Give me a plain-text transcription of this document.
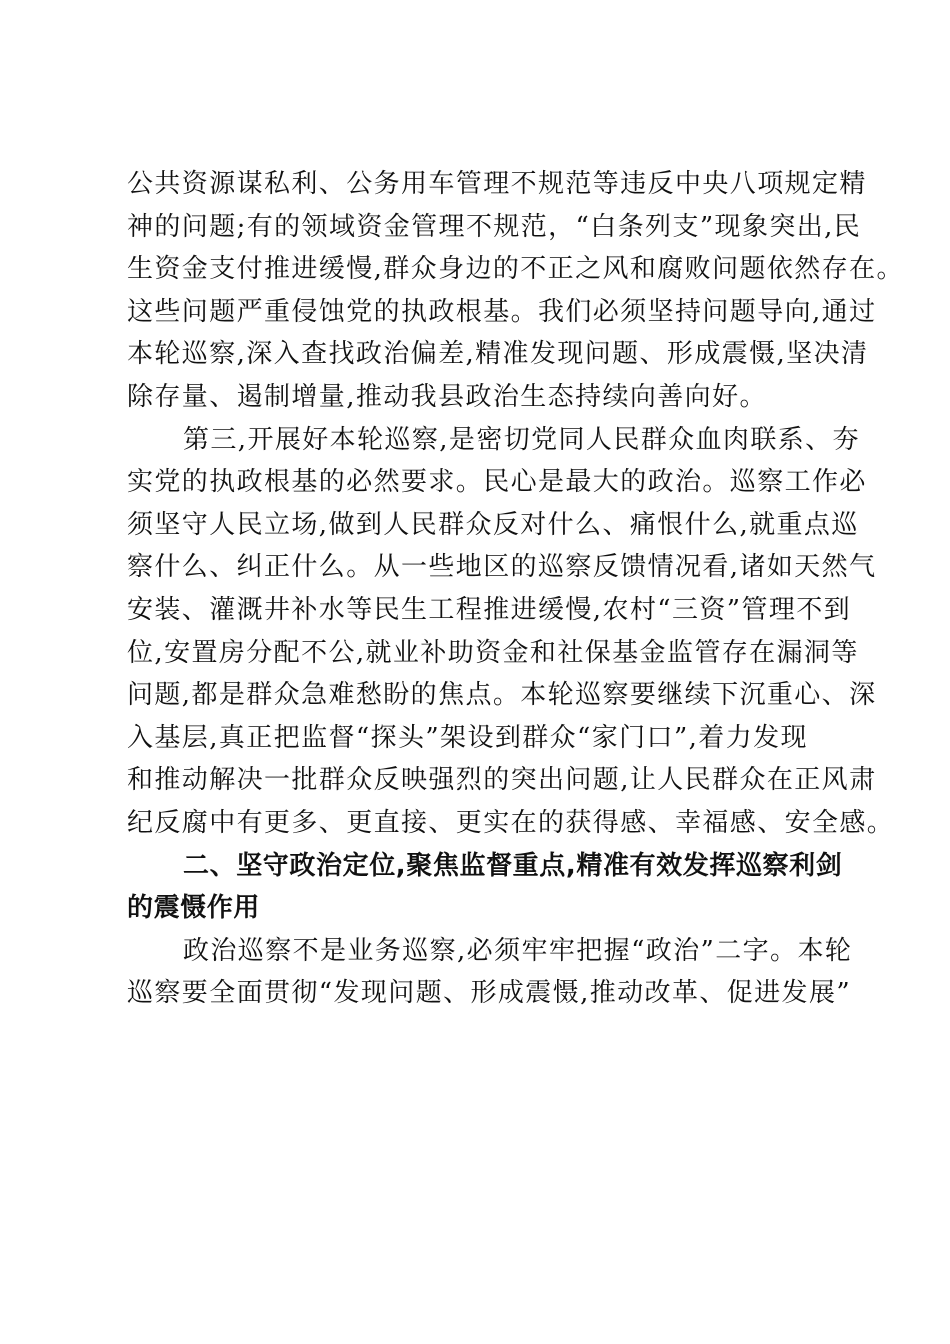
公共资源谋私利、公务用车管理不规范等违反中央八项规定精
神的问题;有的领域资金管理不规范，“白条列支”现象突出,民
生资金支付推进缓慢,群众身边的不正之风和腐败问题依然存在。
这些问题严重侵蚀党的执政根基。我们必须坚持问题导向,通过
本轮巡察,深入查找政治偏差,精准发现问题、形成震慑,坚决清
除存量、遏制增量,推动我县政治生态持续向善向好。
第三,开展好本轮巡察,是密切党同人民群众血肉联系、夯
实党的执政根基的必然要求。民心是最大的政治。巡察工作必
须坚守人民立场,做到人民群众反对什么、痛恨什么,就重点巡
察什么、纠正什么。从一些地区的巡察反馈情况看,诸如天然气
安装、灌溉井补水等民生工程推进缓慢,农村“三资”管理不到
位,安置房分配不公,就业补助资金和社保基金监管存在漏洞等
问题,都是群众急难愁盼的焦点。本轮巡察要继续下沉重心、深
入基层,真正把监督“探头”架设到群众“家门口”,着力发现
和推动解决一批群众反映强烈的突出问题,让人民群众在正风肃
纪反腐中有更多、更直接、更实在的获得感、幸福感、安全感。
二、坚守政治定位,聚焦监督重点,精准有效发挥巡察利剑
的震慑作用
政治巡察不是业务巡察,必须牢牢把握“政治”二字。本轮
巡察要全面贯彻“发现问题、形成震慑,推动改革、促进发展”
